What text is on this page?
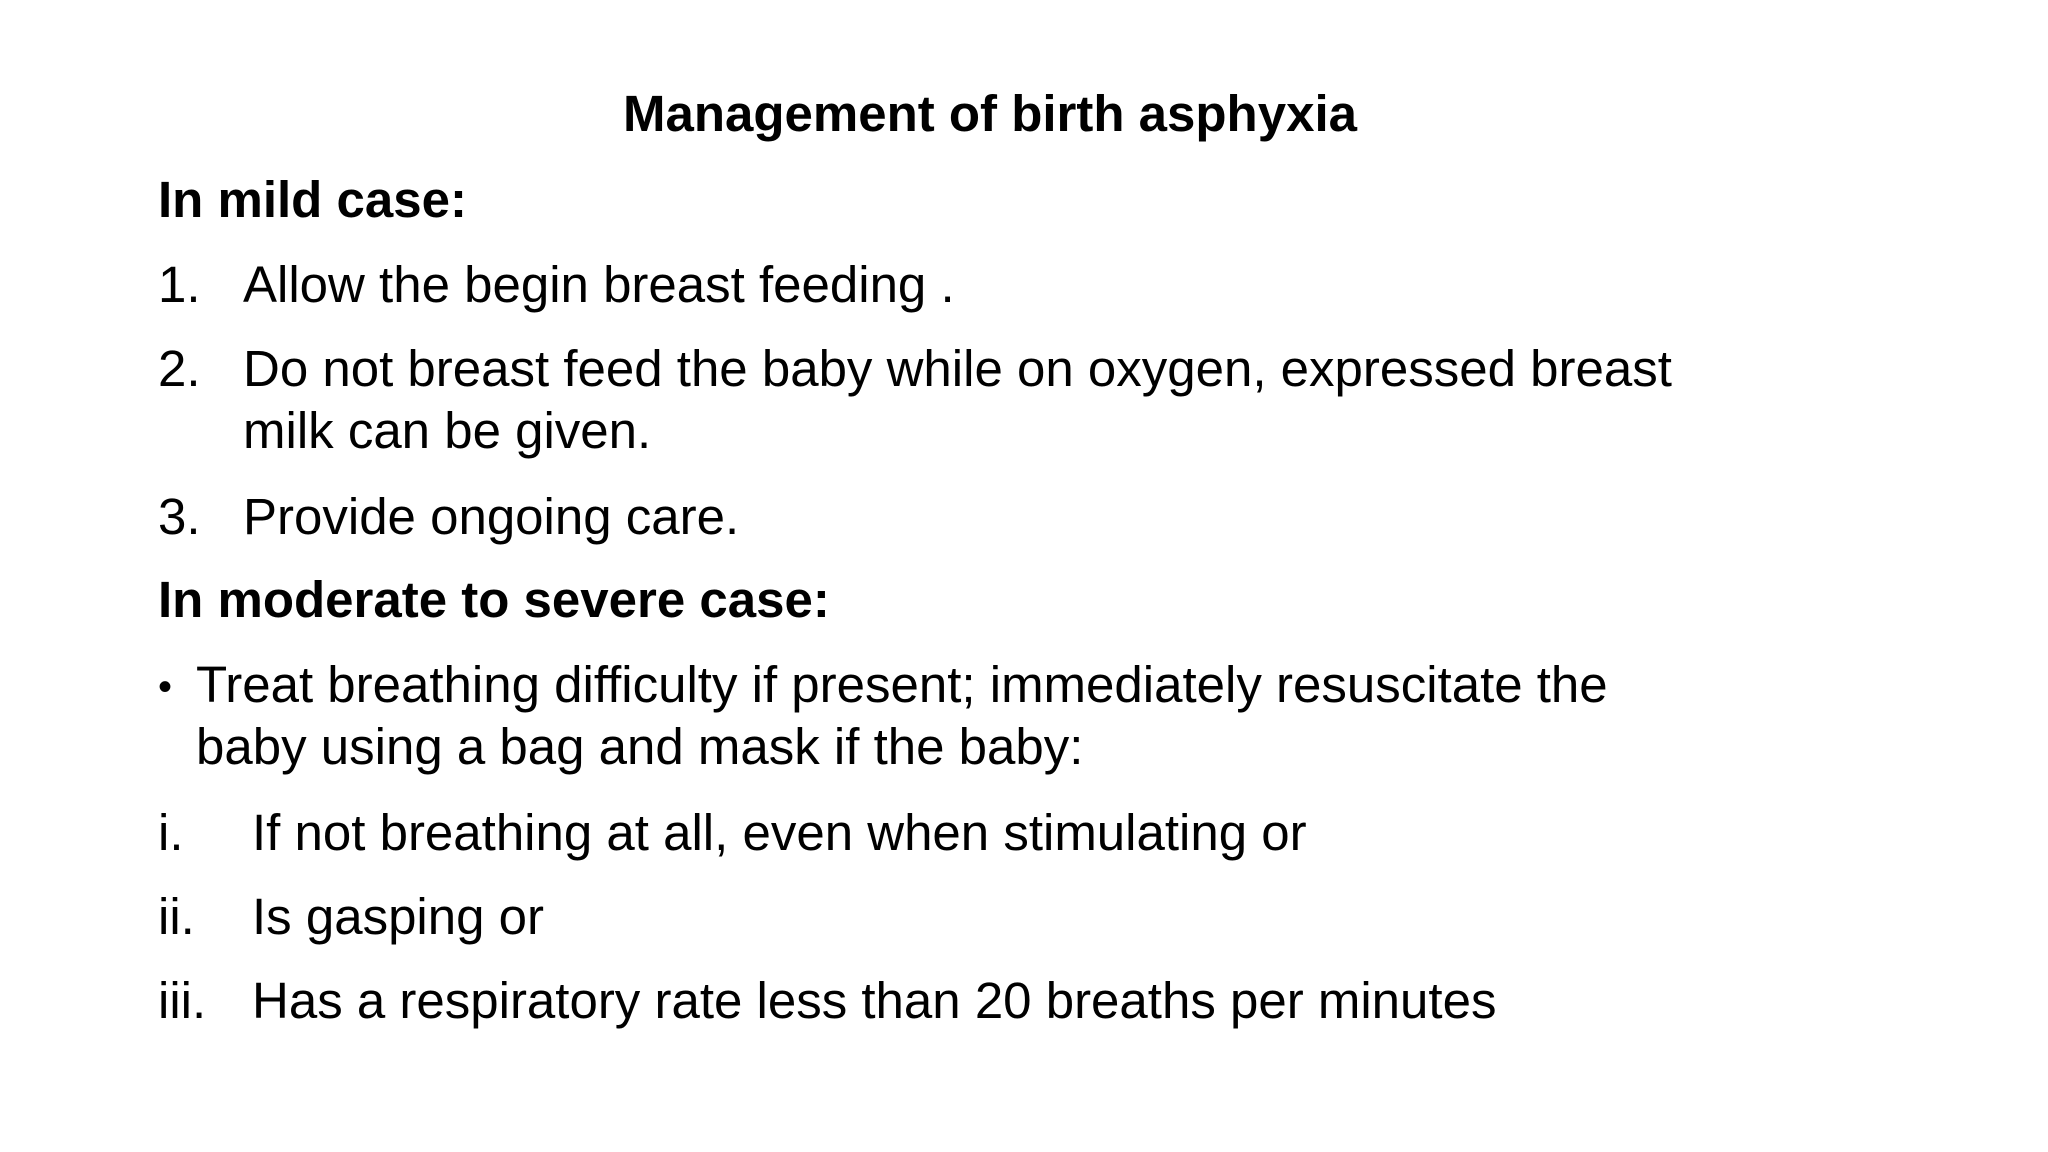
Management of birth asphyxia
In mild case:
1. Allow the begin breast feeding .
2. Do not breast feed the baby while on oxygen, expressed breast
milk can be given.
3. Provide ongoing care.
In moderate to severe case:
• Treat breathing difficulty if present; immediately resuscitate the
baby using a bag and mask if the baby:
i. If not breathing at all, even when stimulating or
ii. Is gasping or
iii. Has a respiratory rate less than 20 breaths per minutes
